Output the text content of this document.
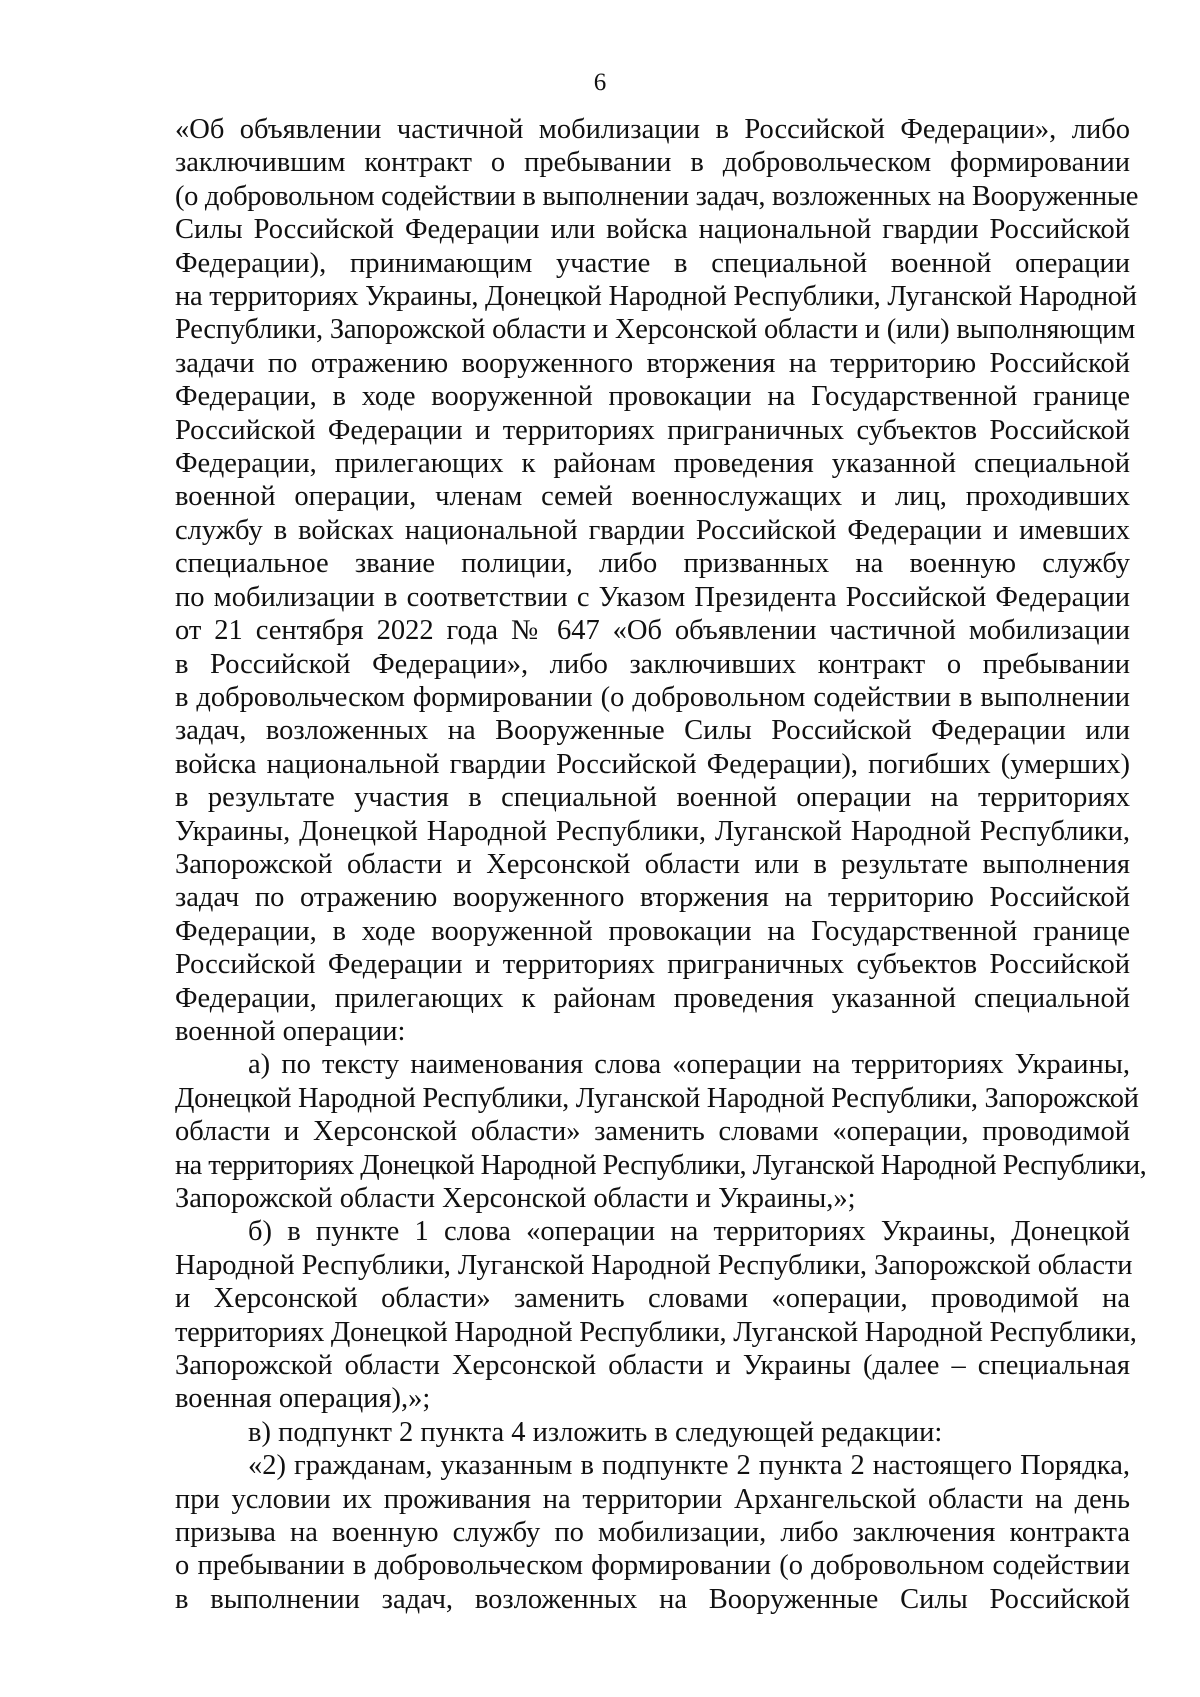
6
«Об объявлении частичной мобилизации в Российской Федерации», либо
заключившим контракт о пребывании в добровольческом формировании
(о добровольном содействии в выполнении задач, возложенных на Вооруженные
Силы Российской Федерации или войска национальной гвардии Российской
Федерации), принимающим участие в специальной военной операции
на территориях Украины, Донецкой Народной Республики, Луганской Народной
Республики, Запорожской области и Херсонской области и (или) выполняющим
задачи по отражению вооруженного вторжения на территорию Российской
Федерации, в ходе вооруженной провокации на Государственной границе
Российской Федерации и территориях приграничных субъектов Российской
Федерации, прилегающих к районам проведения указанной специальной
военной операции, членам семей военнослужащих и лиц, проходивших
службу в войсках национальной гвардии Российской Федерации и имевших
специальное звание полиции, либо призванных на военную службу
по мобилизации в соответствии с Указом Президента Российской Федерации
от 21 сентября 2022 года № 647 «Об объявлении частичной мобилизации
в Российской Федерации», либо заключивших контракт о пребывании
в добровольческом формировании (о добровольном содействии в выполнении
задач, возложенных на Вооруженные Силы Российской Федерации или
войска национальной гвардии Российской Федерации), погибших (умерших)
в результате участия в специальной военной операции на территориях
Украины, Донецкой Народной Республики, Луганской Народной Республики,
Запорожской области и Херсонской области или в результате выполнения
задач по отражению вооруженного вторжения на территорию Российской
Федерации, в ходе вооруженной провокации на Государственной границе
Российской Федерации и территориях приграничных субъектов Российской
Федерации, прилегающих к районам проведения указанной специальной
военной операции:
а) по тексту наименования слова «операции на территориях Украины,
Донецкой Народной Республики, Луганской Народной Республики, Запорожской
области и Херсонской области» заменить словами «операции, проводимой
на территориях Донецкой Народной Республики, Луганской Народной Республики,
Запорожской области Херсонской области и Украины,»;
б) в пункте 1 слова «операции на территориях Украины, Донецкой
Народной Республики, Луганской Народной Республики, Запорожской области
и Херсонской области» заменить словами «операции, проводимой на
территориях Донецкой Народной Республики, Луганской Народной Республики,
Запорожской области Херсонской области и Украины (далее – специальная
военная операция),»;
в) подпункт 2 пункта 4 изложить в следующей редакции:
«2) гражданам, указанным в подпункте 2 пункта 2 настоящего Порядка,
при условии их проживания на территории Архангельской области на день
призыва на военную службу по мобилизации, либо заключения контракта
о пребывании в добровольческом формировании (о добровольном содействии
в выполнении задач, возложенных на Вооруженные Силы Российской
